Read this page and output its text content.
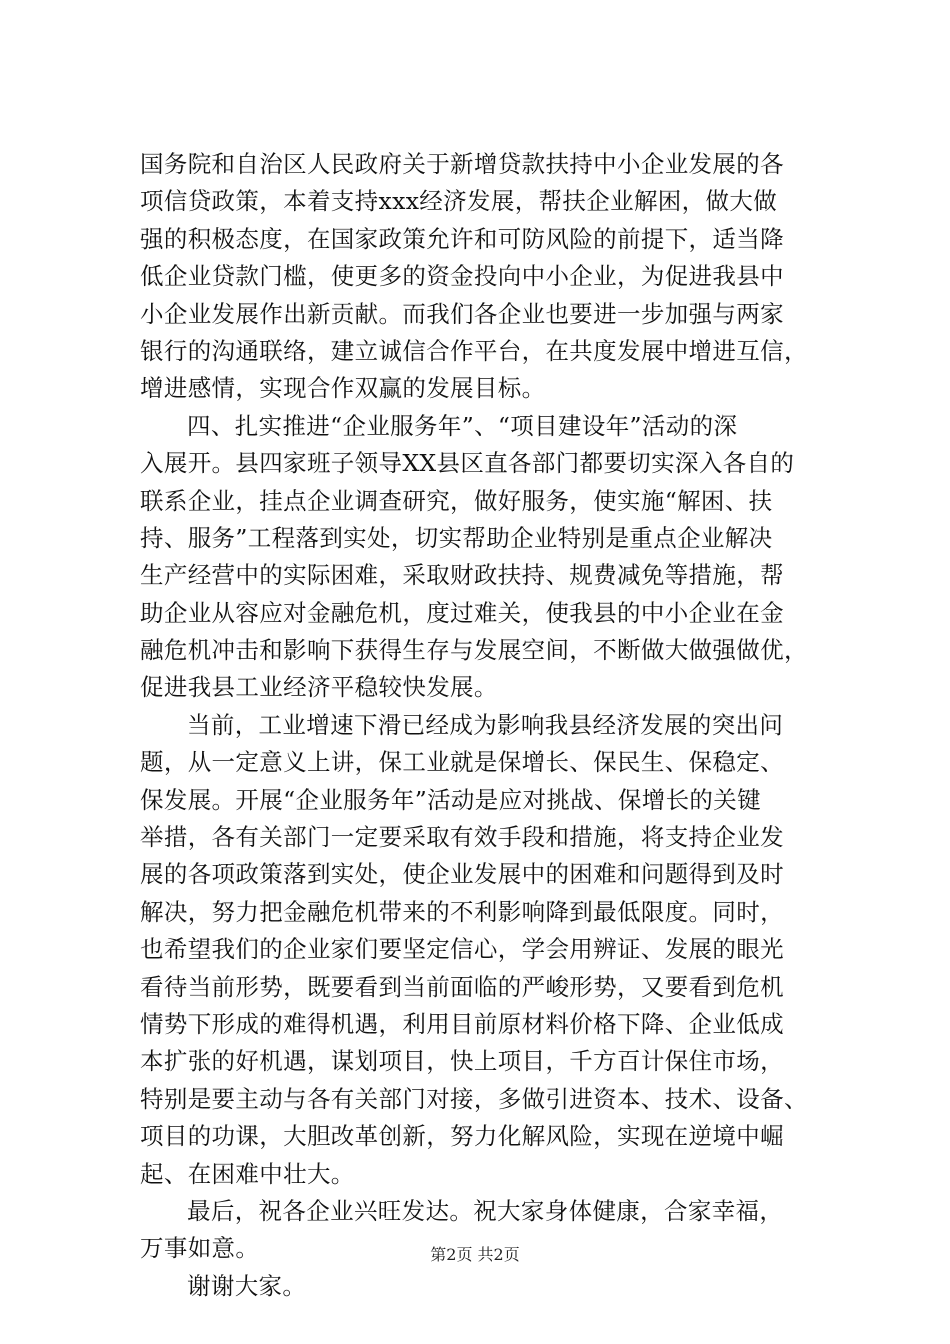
国务院和自治区人民政府关于新增贷款扶持中小企业发展的各
项信贷政策，本着支持xxx经济发展，帮扶企业解困，做大做
强的积极态度，在国家政策允许和可防风险的前提下，适当降
低企业贷款门槛，使更多的资金投向中小企业，为促进我县中
小企业发展作出新贡献。而我们各企业也要进一步加强与两家
银行的沟通联络，建立诚信合作平台，在共度发展中增进互信，
增进感情，实现合作双赢的发展目标。
四、扎实推进“企业服务年”、“项目建设年”活动的深
入展开。县四家班子领导XX县区直各部门都要切实深入各自的
联系企业，挂点企业调查研究，做好服务，使实施“解困、扶
持、服务”工程落到实处，切实帮助企业特别是重点企业解决
生产经营中的实际困难，采取财政扶持、规费减免等措施，帮
助企业从容应对金融危机，度过难关，使我县的中小企业在金
融危机冲击和影响下获得生存与发展空间，不断做大做强做优，
促进我县工业经济平稳较快发展。
当前，工业增速下滑已经成为影响我县经济发展的突出问
题，从一定意义上讲，保工业就是保增长、保民生、保稳定、
保发展。开展“企业服务年”活动是应对挑战、保增长的关键
举措，各有关部门一定要采取有效手段和措施，将支持企业发
展的各项政策落到实处，使企业发展中的困难和问题得到及时
解决，努力把金融危机带来的不利影响降到最低限度。同时，
也希望我们的企业家们要坚定信心，学会用辨证、发展的眼光
看待当前形势，既要看到当前面临的严峻形势，又要看到危机
情势下形成的难得机遇，利用目前原材料价格下降、企业低成
本扩张的好机遇，谋划项目，快上项目，千方百计保住市场，
特别是要主动与各有关部门对接，多做引进资本、技术、设备、
项目的功课，大胆改革创新，努力化解风险，实现在逆境中崛
起、在困难中壮大。
最后，祝各企业兴旺发达。祝大家身体健康，合家幸福，
万事如意。
谢谢大家。
第2页 共2页
